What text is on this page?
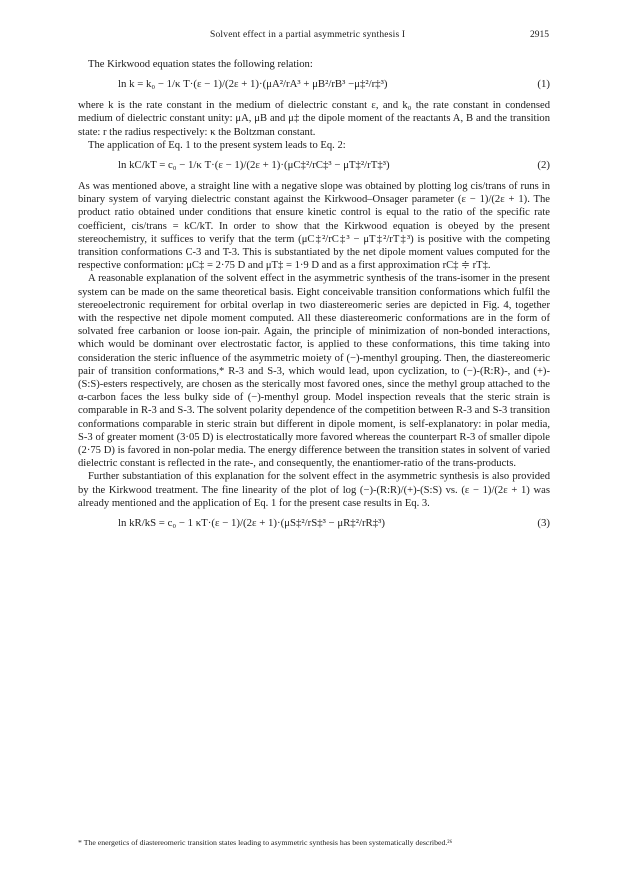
Solvent effect in a partial asymmetric synthesis I	2915

The Kirkwood equation states the following relation:

ln k = k₀ − 1/κ T·(ε − 1)/(2ε + 1)·(μA²/rA³ + μB²/rB³ −μ‡²/r‡³)	(1)

where k is the rate constant in the medium of dielectric constant ε, and k₀ the rate constant in condensed medium of dielectric constant unity: μA, μB and μ‡ the dipole moment of the reactants A, B and the transition state: r the radius respectively: κ the Boltzman constant.

The application of Eq. 1 to the present system leads to Eq. 2:

ln kC/kT = c₀ − 1/κ T·(ε − 1)/(2ε + 1)·(μC‡²/rC‡³ − μT‡²/rT‡³)	(2)

As was mentioned above, a straight line with a negative slope was obtained by plotting log cis/trans of runs in binary system of varying dielectric constant against the Kirkwood–Onsager parameter (ε − 1)/(2ε + 1). The product ratio obtained under conditions that ensure kinetic control is equal to the ratio of the specific rate coefficient, cis/trans = kC/kT. In order to show that the Kirkwood equation is obeyed by the present stereochemistry, it suffices to verify that the term (μC‡²/rC‡³ − μT‡²/rT‡³) is positive with the competing transition conformations C-3 and T-3. This is substantiated by the net dipole moment values computed for the respective conformation: μC‡ = 2·75 D and μT‡ = 1·9 D and as a first approximation rC‡ ≑ rT‡.

A reasonable explanation of the solvent effect in the asymmetric synthesis of the trans-isomer in the present system can be made on the same theoretical basis. Eight conceivable transition conformations which fulfil the stereoelectronic requirement for orbital overlap in two diastereomeric series are depicted in Fig. 4, together with the respective net dipole moment computed. All these diastereomeric conformations are in the form of solvated free carbanion or loose ion-pair. Again, the principle of minimization of non-bonded interactions, which would be dominant over electrostatic factor, is applied to these conformations, this time taking into consideration the steric influence of the asymmetric moiety of (−)-menthyl grouping. Then, the diastereomeric pair of transition conformations,* R-3 and S-3, which would lead, upon cyclization, to (−)-(R:R)-, and (+)-(S:S)-esters respectively, are chosen as the sterically most favored ones, since the methyl group attached to the α-carbon faces the less bulky side of (−)-menthyl group. Model inspection reveals that the steric strain is comparable in R-3 and S-3. The solvent polarity dependence of the competition between R-3 and S-3 transition conformations comparable in steric strain but different in dipole moment, is self-explanatory: in polar media, S-3 of greater moment (3·05 D) is electrostatically more favored whereas the counterpart R-3 of smaller dipole (2·75 D) is favored in non-polar media. The energy difference between the transition states in solvent of varied dielectric constant is reflected in the rate-, and consequently, the enantiomer-ratio of the trans-products.

Further substantiation of this explanation for the solvent effect in the asymmetric synthesis is also provided by the Kirkwood treatment. The fine linearity of the plot of log (−)-(R:R)/(+)-(S:S) vs. (ε − 1)/(2ε + 1) was already mentioned and the application of Eq. 1 for the present case results in Eq. 3.

ln kR/kS = c₀ − 1 κT·(ε − 1)/(2ε + 1)·(μS‡²/rS‡³ − μR‡²/rR‡³)	(3)
* The energetics of diastereomeric transition states leading to asymmetric synthesis has been systematically described.²⁶
